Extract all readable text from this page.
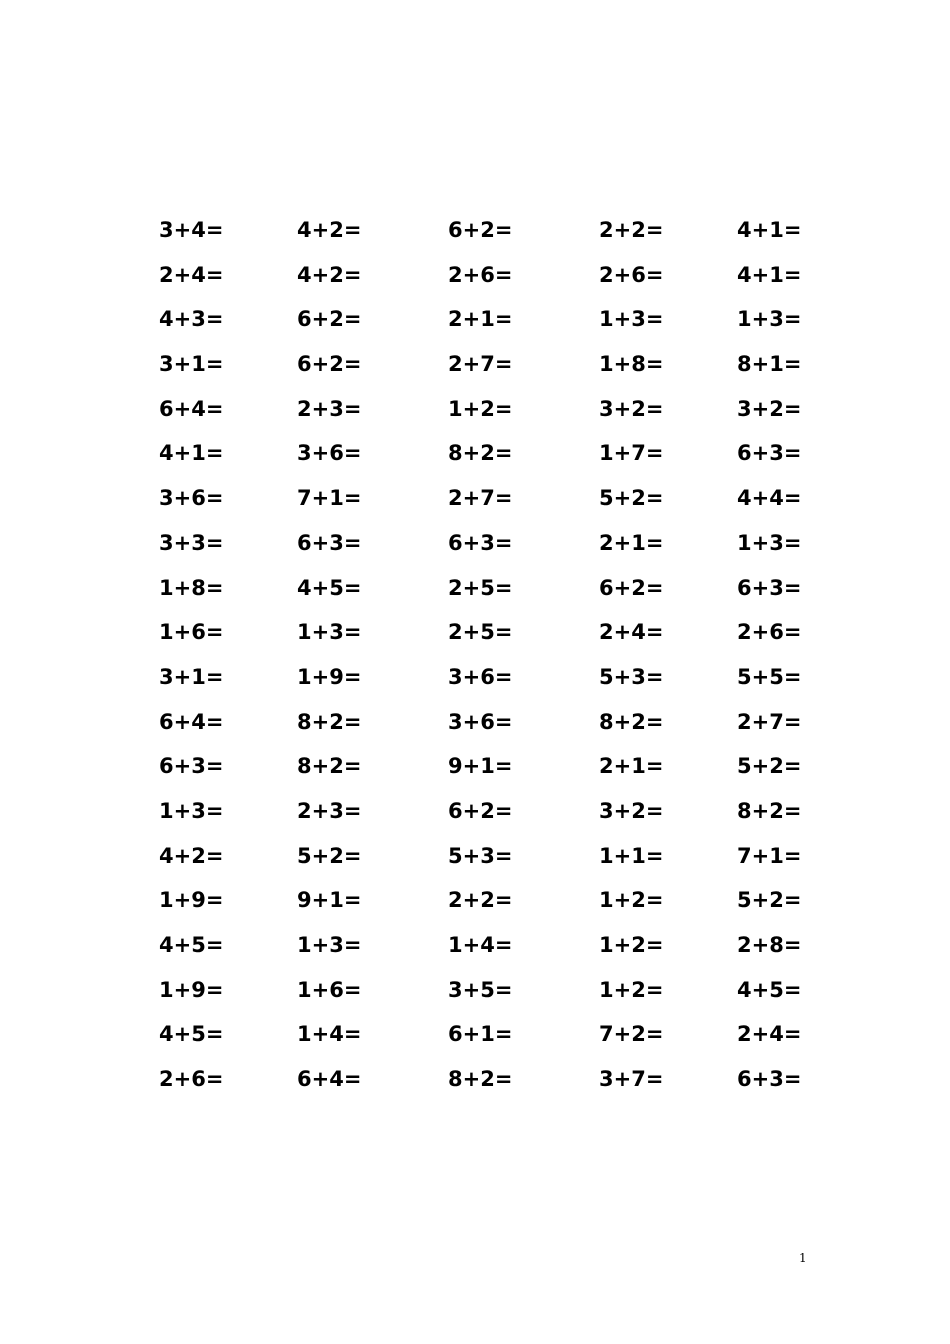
3+4=	4+2=	6+2=	2+2=	4+1=
2+4=	4+2=	2+6=	2+6=	4+1=
4+3=	6+2=	2+1=	1+3=	1+3=
3+1=	6+2=	2+7=	1+8=	8+1=
6+4=	2+3=	1+2=	3+2=	3+2=
4+1=	3+6=	8+2=	1+7=	6+3=
3+6=	7+1=	2+7=	5+2=	4+4=
3+3=	6+3=	6+3=	2+1=	1+3=
1+8=	4+5=	2+5=	6+2=	6+3=
1+6=	1+3=	2+5=	2+4=	2+6=
3+1=	1+9=	3+6=	5+3=	5+5=
6+4=	8+2=	3+6=	8+2=	2+7=
6+3=	8+2=	9+1=	2+1=	5+2=
1+3=	2+3=	6+2=	3+2=	8+2=
4+2=	5+2=	5+3=	1+1=	7+1=
1+9=	9+1=	2+2=	1+2=	5+2=
4+5=	1+3=	1+4=	1+2=	2+8=
1+9=	1+6=	3+5=	1+2=	4+5=
4+5=	1+4=	6+1=	7+2=	2+4=
2+6=	6+4=	8+2=	3+7=	6+3=
1
